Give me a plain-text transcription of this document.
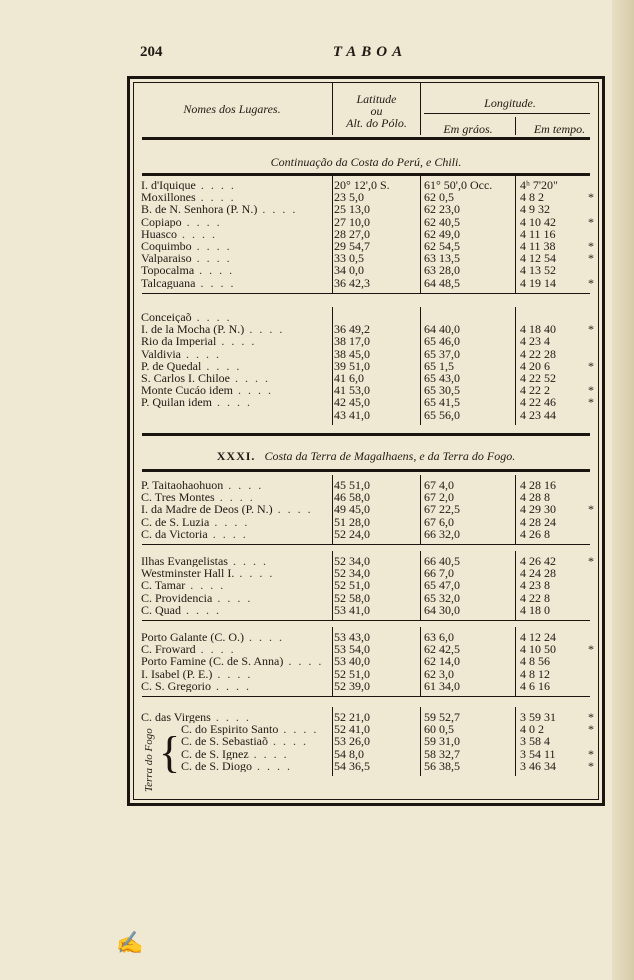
204	TABOA
Nomes dos Lugares.
Latitude
ou
Alt. do Pólo.
Longitude.
Em gráos.	Em tempo.
Continuação da Costa do Perú, e Chili.
XXXI. Costa da Terra de Magalhaens, e da Terra do Fogo.
I. d'Iquique . . . .	20° 12',0 S.	61° 50',0 Occ.	4ʰ 7'20"
Moxillones . . . .	23 5,0	62 0,5	4 8 2	*
B. de N. Senhora (P. N.) . . . .	25 13,0	62 23,0	4 9 32
Copiapo . . . .	27 10,0	62 40,5	4 10 42	*
Huasco . . . .	28 27,0	62 49,0	4 11 16
Coquimbo . . . .	29 54,7	62 54,5	4 11 38	*
Valparaiso . . . .	33 0,5	63 13,5	4 12 54	*
Topocalma . . . .	34 0,0	63 28,0	4 13 52
Talcaguana . . . .	36 42,3	64 48,5	4 19 14	*
Conceiçaõ . . . .
I. de la Mocha (P. N.) . . . .	36 49,2	64 40,0	4 18 40	*
Rio da Imperial . . . .	38 17,0	65 46,0	4 23 4
Valdivia . . . .	38 45,0	65 37,0	4 22 28
P. de Quedal . . . .	39 51,0	65 1,5	4 20 6	*
S. Carlos I. Chiloe . . . .	41 6,0	65 43,0	4 22 52
Monte Cucáo idem . . . .	41 53,0	65 30,5	4 22 2	*
P. Quilan idem . . . .	42 45,0	65 41,5	4 22 46	*
43 41,0	65 56,0	4 23 44
P. Taitaohaohuon . . . .	45 51,0	67 4,0	4 28 16
C. Tres Montes . . . .	46 58,0	67 2,0	4 28 8
I. da Madre de Deos (P. N.) . . . .	49 45,0	67 22,5	4 29 30	*
C. de S. Luzia . . . .	51 28,0	67 6,0	4 28 24
C. da Victoria . . . .	52 24,0	66 32,0	4 26 8
Ilhas Evangelistas . . . .	52 34,0	66 40,5	4 26 42	*
Westminster Hall I. . . . .	52 34,0	66 7,0	4 24 28
C. Tamar . . . .	52 51,0	65 47,0	4 23 8
C. Providencia . . . .	52 58,0	65 32,0	4 22 8
C. Quad . . . .	53 41,0	64 30,0	4 18 0
Porto Galante (C. O.) . . . .	53 43,0	63 6,0	4 12 24
C. Froward . . . .	53 54,0	62 42,5	4 10 50	*
Porto Famine (C. de S. Anna) . . . . 53 40,0	62 14,0	4 8 56
I. Isabel (P. E.) . . . .	52 51,0	62 3,0	4 8 12
C. S. Gregorio . . . .	52 39,0	61 34,0	4 6 16
C. das Virgens . . . .	52 21,0	59 52,7	3 59 31	*
C. do Espirito Santo . . . .	52 41,0	60 0,5	4 0 2	*
C. de S. Sebastiaõ . . . .	53 26,0	59 31,0	3 58 4
C. de S. Ignez . . . .	54 8,0	58 32,7	3 54 11	*
C. de S. Diogo . . . .	54 36,5	56 38,5	3 46 34	*
Terra do Fogo {
✍
